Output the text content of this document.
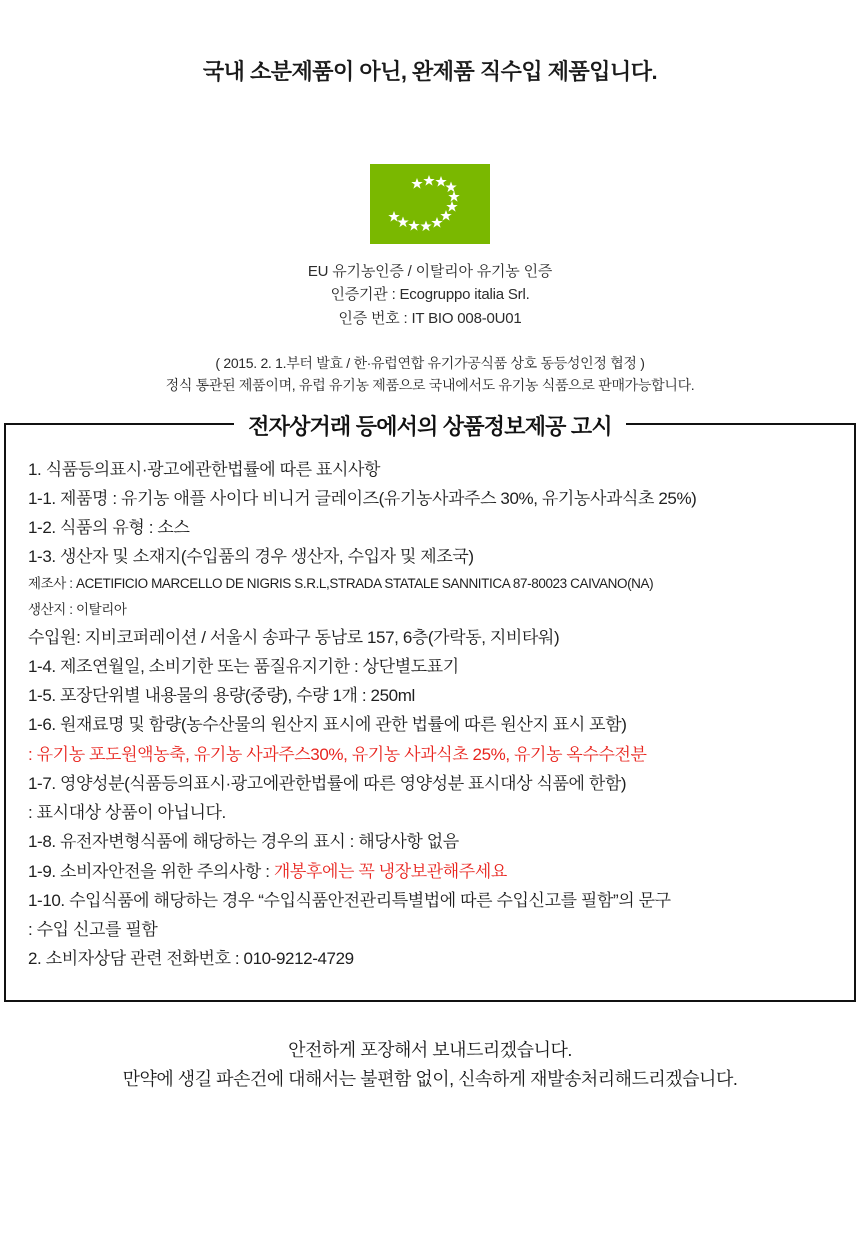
국내 소분제품이 아닌, 완제품 직수입 제품입니다.
EU 유기농인증 / 이탈리아 유기농 인증
인증기관 : Ecogruppo italia Srl.
인증 번호 : IT BIO 008-0U01
( 2015. 2. 1.부터 발효 / 한·유럽연합 유기가공식품 상호 동등성인정 협정 )
정식 통관된 제품이며, 유럽 유기농 제품으로 국내에서도 유기농 식품으로 판매가능합니다.
전자상거래 등에서의 상품정보제공 고시
1. 식품등의표시·광고에관한법률에 따른 표시사항
1-1. 제품명 : 유기농 애플 사이다 비니거 글레이즈(유기농사과주스 30%, 유기농사과식초 25%)
1-2. 식품의 유형 : 소스
1-3. 생산자 및 소재지(수입품의 경우 생산자, 수입자 및 제조국)
제조사 : ACETIFICIO MARCELLO DE NIGRIS S.R.L,STRADA STATALE SANNITICA 87-80023 CAIVANO(NA)
생산지 : 이탈리아
수입원: 지비코퍼레이션 / 서울시 송파구 동남로 157, 6층(가락동, 지비타워)
1-4. 제조연월일, 소비기한 또는 품질유지기한 : 상단별도표기
1-5. 포장단위별 내용물의 용량(중량), 수량 1개 : 250ml
1-6. 원재료명 및 함량(농수산물의 원산지 표시에 관한 법률에 따른 원산지 표시 포함)
: 유기농 포도원액농축, 유기농 사과주스30%, 유기농 사과식초 25%, 유기농 옥수수전분
1-7. 영양성분(식품등의표시·광고에관한법률에 따른 영양성분 표시대상 식품에 한함)
: 표시대상 상품이 아닙니다.
1-8. 유전자변형식품에 해당하는 경우의 표시 : 해당사항 없음
1-9. 소비자안전을 위한 주의사항 : 개봉후에는 꼭 냉장보관해주세요
1-10. 수입식품에 해당하는 경우 “수입식품안전관리특별법에 따른 수입신고를 필함”의 문구
: 수입 신고를 필함
2. 소비자상담 관련 전화번호 : 010-9212-4729
안전하게 포장해서 보내드리겠습니다.
만약에 생길 파손건에 대해서는 불편함 없이, 신속하게 재발송처리해드리겠습니다.
